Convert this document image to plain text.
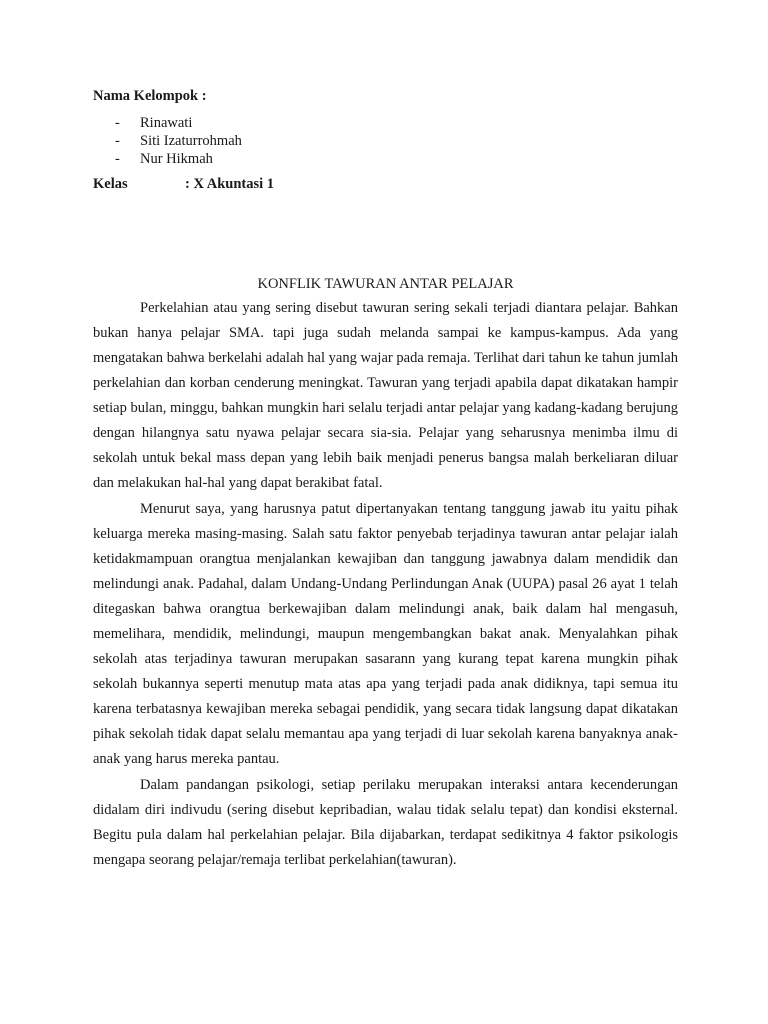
Nama Kelompok :
-	Rinawati
-	Siti Izaturrohmah
-	Nur Hikmah
Kelas	: X Akuntasi 1
KONFLIK TAWURAN ANTAR PELAJAR

Perkelahian atau yang sering disebut tawuran sering sekali terjadi diantara pelajar. Bahkan bukan hanya pelajar SMA. tapi juga sudah melanda sampai ke kampus-kampus. Ada yang mengatakan bahwa berkelahi adalah hal yang wajar pada remaja. Terlihat dari tahun ke tahun jumlah perkelahian dan korban cenderung meningkat. Tawuran yang terjadi apabila dapat dikatakan hampir setiap bulan, minggu, bahkan mungkin hari selalu terjadi antar pelajar yang kadang-kadang berujung dengan hilangnya satu nyawa pelajar secara sia-sia. Pelajar yang seharusnya menimba ilmu di sekolah untuk bekal mass depan yang lebih baik menjadi penerus bangsa malah berkeliaran diluar dan melakukan hal-hal yang dapat berakibat fatal.

Menurut saya, yang harusnya patut dipertanyakan tentang tanggung jawab itu yaitu pihak keluarga mereka masing-masing. Salah satu faktor penyebab terjadinya tawuran antar pelajar ialah ketidakmampuan orangtua menjalankan kewajiban dan tanggung jawabnya dalam mendidik dan melindungi anak. Padahal, dalam Undang-Undang Perlindungan Anak (UUPA) pasal 26 ayat 1 telah ditegaskan bahwa orangtua berkewajiban dalam melindungi anak, baik dalam hal mengasuh, memelihara, mendidik, melindungi, maupun mengembangkan bakat anak. Menyalahkan pihak sekolah atas terjadinya tawuran merupakan sasarann yang kurang tepat karena mungkin pihak sekolah bukannya seperti menutup mata atas apa yang terjadi pada anak didiknya, tapi semua itu karena terbatasnya kewajiban mereka sebagai pendidik, yang secara tidak langsung dapat dikatakan pihak sekolah tidak dapat selalu memantau apa yang terjadi di luar sekolah karena banyaknya anak-anak yang harus mereka pantau.

Dalam pandangan psikologi, setiap perilaku merupakan interaksi antara kecenderungan didalam diri indivudu (sering disebut kepribadian, walau tidak selalu tepat) dan kondisi eksternal. Begitu pula dalam hal perkelahian pelajar. Bila dijabarkan, terdapat sedikitnya 4 faktor psikologis mengapa seorang pelajar/remaja terlibat perkelahian(tawuran).
